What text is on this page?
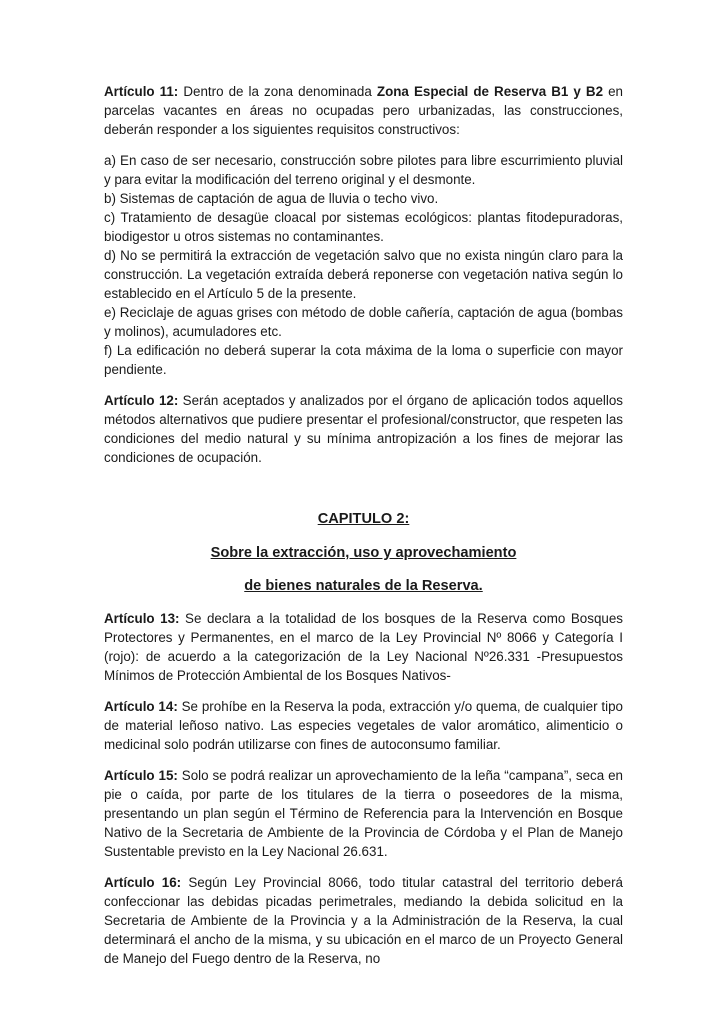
Artículo 11: Dentro de la zona denominada Zona Especial de Reserva B1 y B2 en parcelas vacantes en áreas no ocupadas pero urbanizadas, las construcciones, deberán responder a los siguientes requisitos constructivos:

a) En caso de ser necesario, construcción sobre pilotes para libre escurrimiento pluvial y para evitar la modificación del terreno original y el desmonte.

b) Sistemas de captación de agua de lluvia o techo vivo.

c) Tratamiento de desagüe cloacal por sistemas ecológicos: plantas fitodepuradoras, biodigestor u otros sistemas no contaminantes.

d) No se permitirá la extracción de vegetación salvo que no exista ningún claro para la construcción. La vegetación extraída deberá reponerse con vegetación nativa según lo establecido en el Artículo 5 de la presente.

e) Reciclaje de aguas grises con método de doble cañería, captación de agua (bombas y molinos), acumuladores etc.

f) La edificación no deberá superar la cota máxima de la loma o superficie con mayor pendiente.

Artículo 12: Serán aceptados y analizados por el órgano de aplicación todos aquellos métodos alternativos que pudiere presentar el profesional/constructor, que respeten las condiciones del medio natural y su mínima antropización a los fines de mejorar las condiciones de ocupación.

CAPITULO 2:

Sobre la extracción, uso y aprovechamiento

de bienes naturales de la Reserva.

Artículo 13: Se declara a la totalidad de los bosques de la Reserva como Bosques Protectores y Permanentes, en el marco de la Ley Provincial Nº 8066 y Categoría I (rojo): de acuerdo a la categorización de la Ley Nacional Nº26.331 -Presupuestos Mínimos de Protección Ambiental de los Bosques Nativos-

Artículo 14: Se prohíbe en la Reserva la poda, extracción y/o quema, de cualquier tipo de material leñoso nativo. Las especies vegetales de valor aromático, alimenticio o medicinal solo podrán utilizarse con fines de autoconsumo familiar.

Artículo 15: Solo se podrá realizar un aprovechamiento de la leña “campana”, seca en pie o caída, por parte de los titulares de la tierra o poseedores de la misma, presentando un plan según el Término de Referencia para la Intervención en Bosque Nativo de la Secretaria de Ambiente de la Provincia de Córdoba y el Plan de Manejo Sustentable previsto en la Ley Nacional 26.631.

Artículo 16: Según Ley Provincial 8066, todo titular catastral del territorio deberá confeccionar las debidas picadas perimetrales, mediando la debida solicitud en la Secretaria de Ambiente de la Provincia y a la Administración de la Reserva, la cual determinará el ancho de la misma, y su ubicación en el marco de un Proyecto General de Manejo del Fuego dentro de la Reserva, no
